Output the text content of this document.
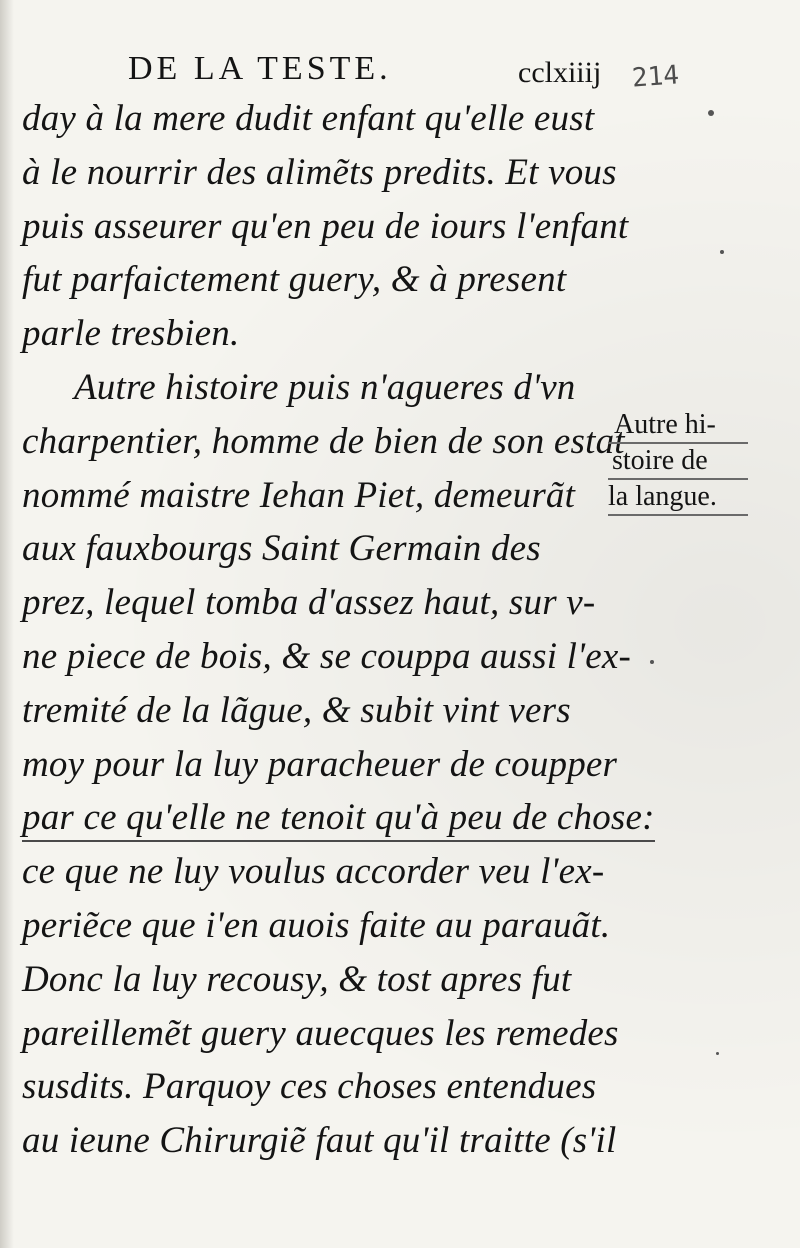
DE LA TESTE.	cclxiiij 214
day à la mere dudit enfant qu'elle eust
à le nourrir des alimẽts predits. Et vous
puis asseurer qu'en peu de iours l'enfant
fut parfaictement guery, & à present
parle tresbien.
Autre histoire puis n'agueres d'vn
charpentier, homme de bien de son estat
nommé maistre Iehan Piet, demeurãt
aux fauxbourgs Saint Germain des
prez, lequel tomba d'assez haut, sur v-
ne piece de bois, & se couppa aussi l'ex-
tremité de la lãgue, & subit vint vers
moy pour la luy paracheuer de coupper
par ce qu'elle ne tenoit qu'à peu de chose:
ce que ne luy voulus accorder veu l'ex-
periẽce que i'en auois faite au parauãt.
Donc la luy recousy, & tost apres fut
pareillemẽt guery auecques les remedes
susdits. Parquoy ces choses entendues
au ieune Chirurgiẽ faut qu'il traitte (s'il
Autre hi-
stoire de
la langue.
